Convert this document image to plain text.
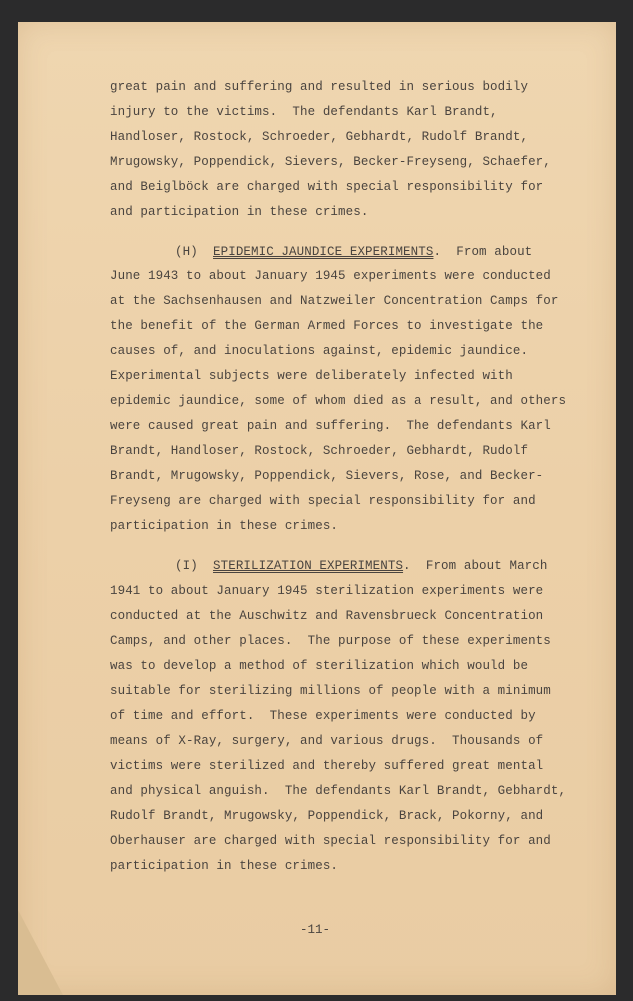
(H) EPIDEMIC JAUNDICE EXPERIMENTS.  From about
(I) STERILIZATION EXPERIMENTS.  From about March
-11-
great pain and suffering and resulted in serious bodily
injury to the victims.  The defendants Karl Brandt,
Handloser, Rostock, Schroeder, Gebhardt, Rudolf Brandt,
Mrugowsky, Poppendick, Sievers, Becker-Freyseng, Schaefer,
and Beiglböck are charged with special responsibility for
and participation in these crimes.
June 1943 to about January 1945 experiments were conducted
at the Sachsenhausen and Natzweiler Concentration Camps for
the benefit of the German Armed Forces to investigate the
causes of, and inoculations against, epidemic jaundice.
Experimental subjects were deliberately infected with
epidemic jaundice, some of whom died as a result, and others
were caused great pain and suffering.  The defendants Karl
Brandt, Handloser, Rostock, Schroeder, Gebhardt, Rudolf
Brandt, Mrugowsky, Poppendick, Sievers, Rose, and Becker-
Freyseng are charged with special responsibility for and
participation in these crimes.
1941 to about January 1945 sterilization experiments were
conducted at the Auschwitz and Ravensbrueck Concentration
Camps, and other places.  The purpose of these experiments
was to develop a method of sterilization which would be
suitable for sterilizing millions of people with a minimum
of time and effort.  These experiments were conducted by
means of X-Ray, surgery, and various drugs.  Thousands of
victims were sterilized and thereby suffered great mental
and physical anguish.  The defendants Karl Brandt, Gebhardt,
Rudolf Brandt, Mrugowsky, Poppendick, Brack, Pokorny, and
Oberhauser are charged with special responsibility for and
participation in these crimes.
